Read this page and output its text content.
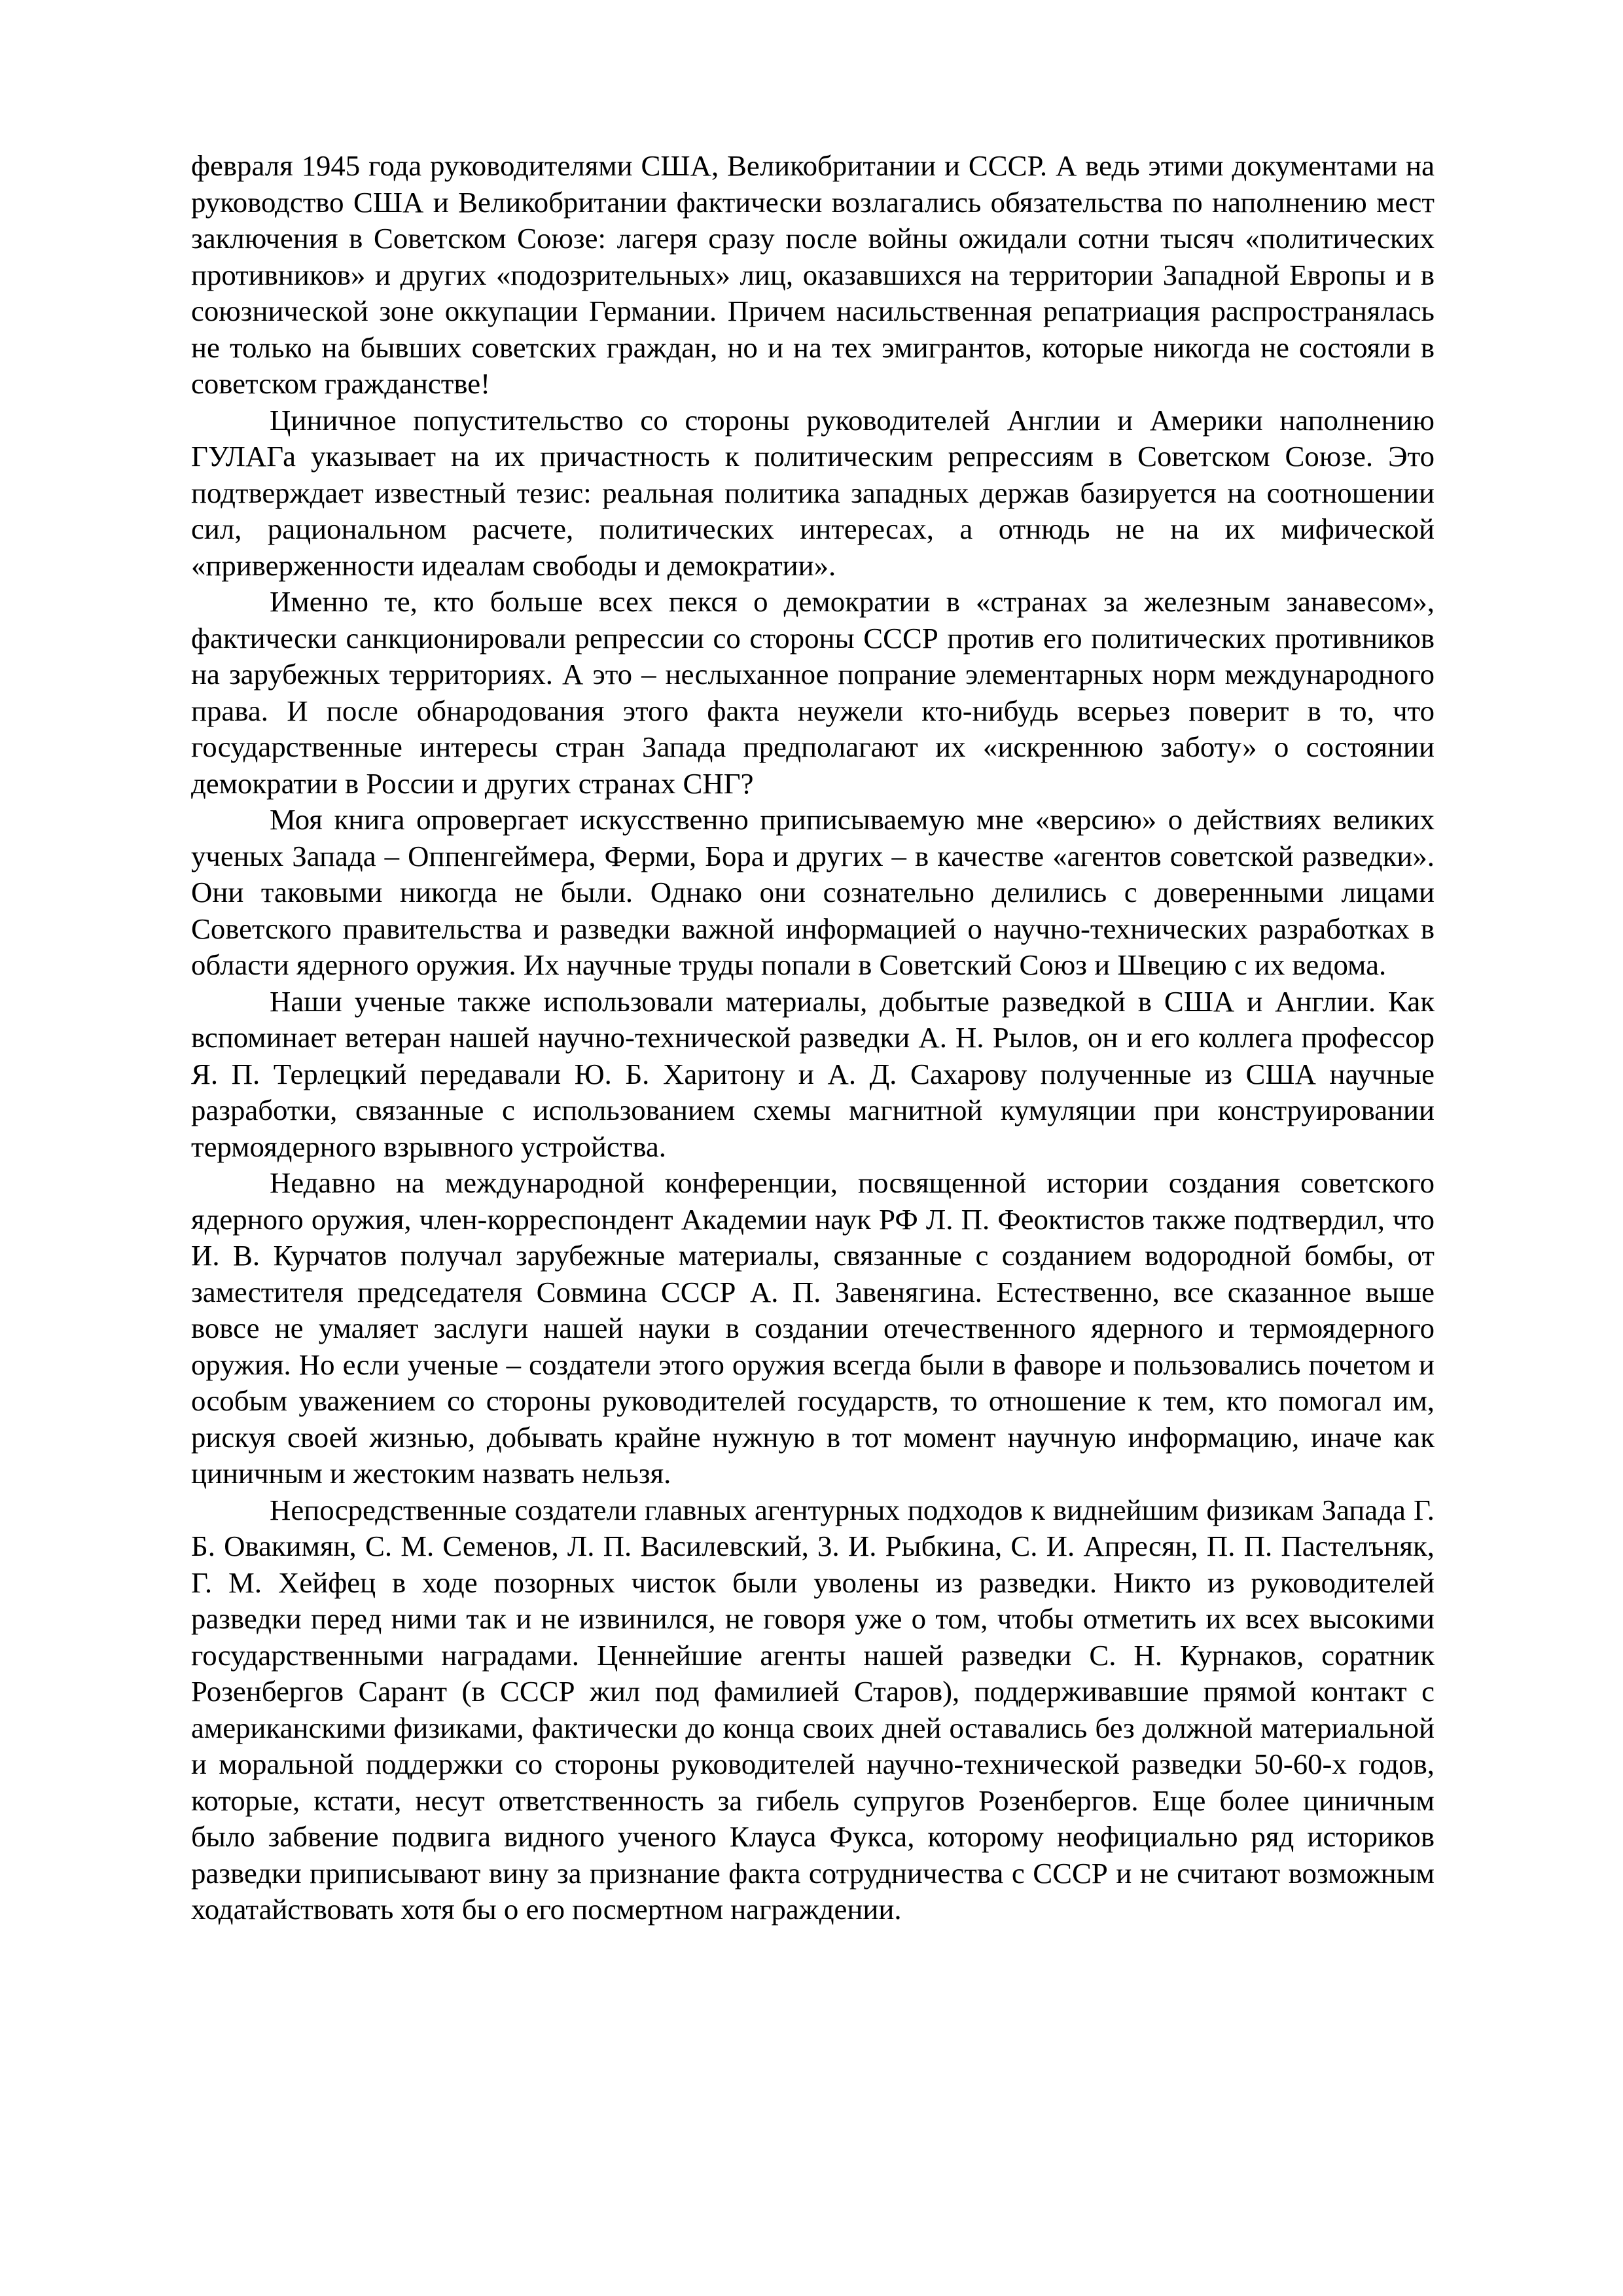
февраля 1945 года руководителями США, Великобритании и СССР. А ведь этими документами на руководство США и Великобритании фактически возлагались обязательства по наполнению мест заключения в Советском Союзе: лагеря сразу после войны ожидали сотни тысяч «политических противников» и других «подозрительных» лиц, оказавшихся на территории Западной Европы и в союзнической зоне оккупации Германии. Причем насильственная репатриация распространялась не только на бывших советских граждан, но и на тех эмигрантов, которые никогда не состояли в советском гражданстве!

Циничное попустительство со стороны руководителей Англии и Америки наполнению ГУЛАГа указывает на их причастность к политическим репрессиям в Советском Союзе. Это подтверждает известный тезис: реальная политика западных держав базируется на соотношении сил, рациональном расчете, политических интересах, а отнюдь не на их мифической «приверженности идеалам свободы и демократии».

Именно те, кто больше всех пекся о демократии в «странах за железным занавесом», фактически санкционировали репрессии со стороны СССР против его политических противников на зарубежных территориях. А это – неслыханное попрание элементарных норм международного права. И после обнародования этого факта неужели кто-нибудь всерьез поверит в то, что государственные интересы стран Запада предполагают их «искреннюю заботу» о состоянии демократии в России и других странах СНГ?

Моя книга опровергает искусственно приписываемую мне «версию» о действиях великих ученых Запада – Оппенгеймера, Ферми, Бора и других – в качестве «агентов советской разведки». Они таковыми никогда не были. Однако они сознательно делились с доверенными лицами Советского правительства и разведки важной информацией о научно-технических разработках в области ядерного оружия. Их научные труды попали в Советский Союз и Швецию с их ведома.

Наши ученые также использовали материалы, добытые разведкой в США и Англии. Как вспоминает ветеран нашей научно-технической разведки А. Н. Рылов, он и его коллега профессор Я. П. Терлецкий передавали Ю. Б. Харитону и А. Д. Сахарову полученные из США научные разработки, связанные с использованием схемы магнитной кумуляции при конструировании термоядерного взрывного устройства.

Недавно на международной конференции, посвященной истории создания советского ядерного оружия, член-корреспондент Академии наук РФ Л. П. Феоктистов также подтвердил, что И. В. Курчатов получал зарубежные материалы, связанные с созданием водородной бомбы, от заместителя председателя Совмина СССР А. П. Завенягина. Естественно, все сказанное выше вовсе не умаляет заслуги нашей науки в создании отечественного ядерного и термоядерного оружия. Но если ученые – создатели этого оружия всегда были в фаворе и пользовались почетом и особым уважением со стороны руководителей государств, то отношение к тем, кто помогал им, рискуя своей жизнью, добывать крайне нужную в тот момент научную информацию, иначе как циничным и жестоким назвать нельзя.

Непосредственные создатели главных агентурных подходов к виднейшим физикам Запада Г. Б. Овакимян, С. М. Семенов, Л. П. Василевский, 3. И. Рыбкина, С. И. Апресян, П. П. Пастелъняк, Г. М. Хейфец в ходе позорных чисток были уволены из разведки. Никто из руководителей разведки перед ними так и не извинился, не говоря уже о том, чтобы отметить их всех высокими государственными наградами. Ценнейшие агенты нашей разведки С. Н. Курнаков, соратник Розенбергов Сарант (в СССР жил под фамилией Старов), поддерживавшие прямой контакт с американскими физиками, фактически до конца своих дней оставались без должной материальной и моральной поддержки со стороны руководителей научно-технической разведки 50-60-х годов, которые, кстати, несут ответственность за гибель супругов Розенбергов. Еще более циничным было забвение подвига видного ученого Клауса Фукса, которому неофициально ряд историков разведки приписывают вину за признание факта сотрудничества с СССР и не считают возможным ходатайствовать хотя бы о его посмертном награждении.
